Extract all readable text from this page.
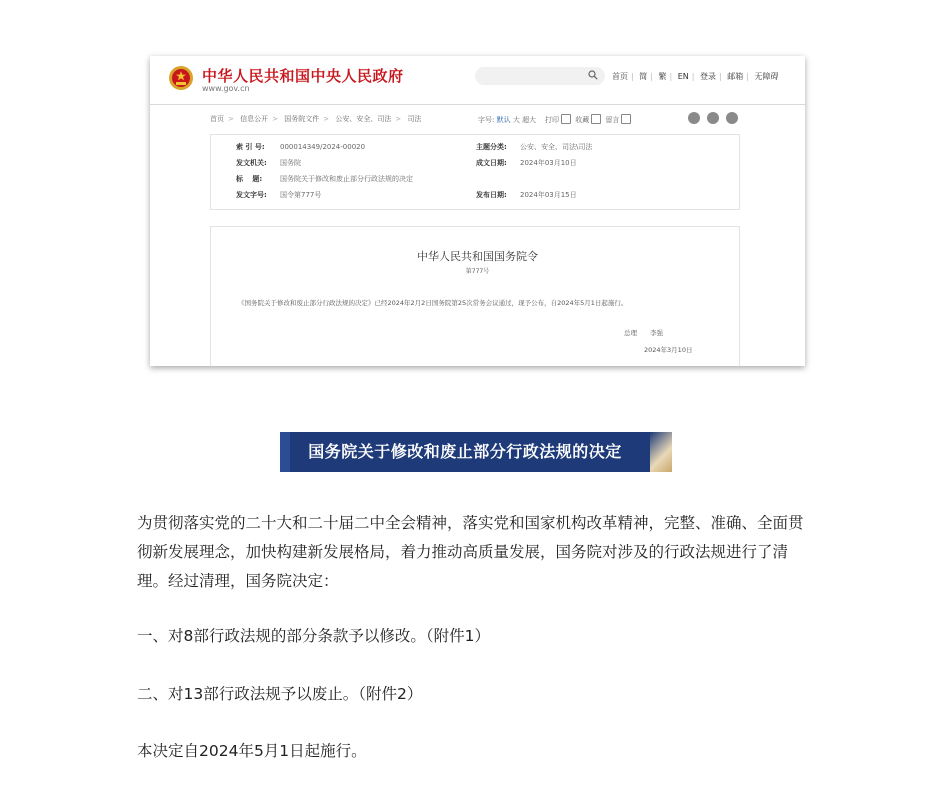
中华人民共和国中央人民政府
www.gov.cn
首页 | 简 | 繁 | EN | 登录 | 邮箱 | 无障碍
首页 > 信息公开 > 国务院文件 > 公安、安全、司法 > 司法	字号: 默认 大 超大 打印 收藏 留言
索 引 号: 000014349/2024-00020	主题分类: 公安、安全、司法\司法
发文机关: 国务院	成文日期: 2024年03月10日
标　 题:	国务院关于修改和废止部分行政法规的决定
发文字号: 国令第777号	发布日期: 2024年03月15日
中华人民共和国国务院令
第777号
《国务院关于修改和废止部分行政法规的决定》已经2024年2月2日国务院第25次常务会议通过，现予公布，自2024年5月1日起施行。
总理　　李强
2024年3月10日
国务院关于修改和废止部分行政法规的决定
为贯彻落实党的二十大和二十届二中全会精神，落实党和国家机构改革精神，完整、准确、全面贯彻新发展理念，加快构建新发展格局，着力推动高质量发展，国务院对涉及的行政法规进行了清理。经过清理，国务院决定：
一、对8部行政法规的部分条款予以修改。（附件1）
二、对13部行政法规予以废止。（附件2）
本决定自2024年5月1日起施行。
